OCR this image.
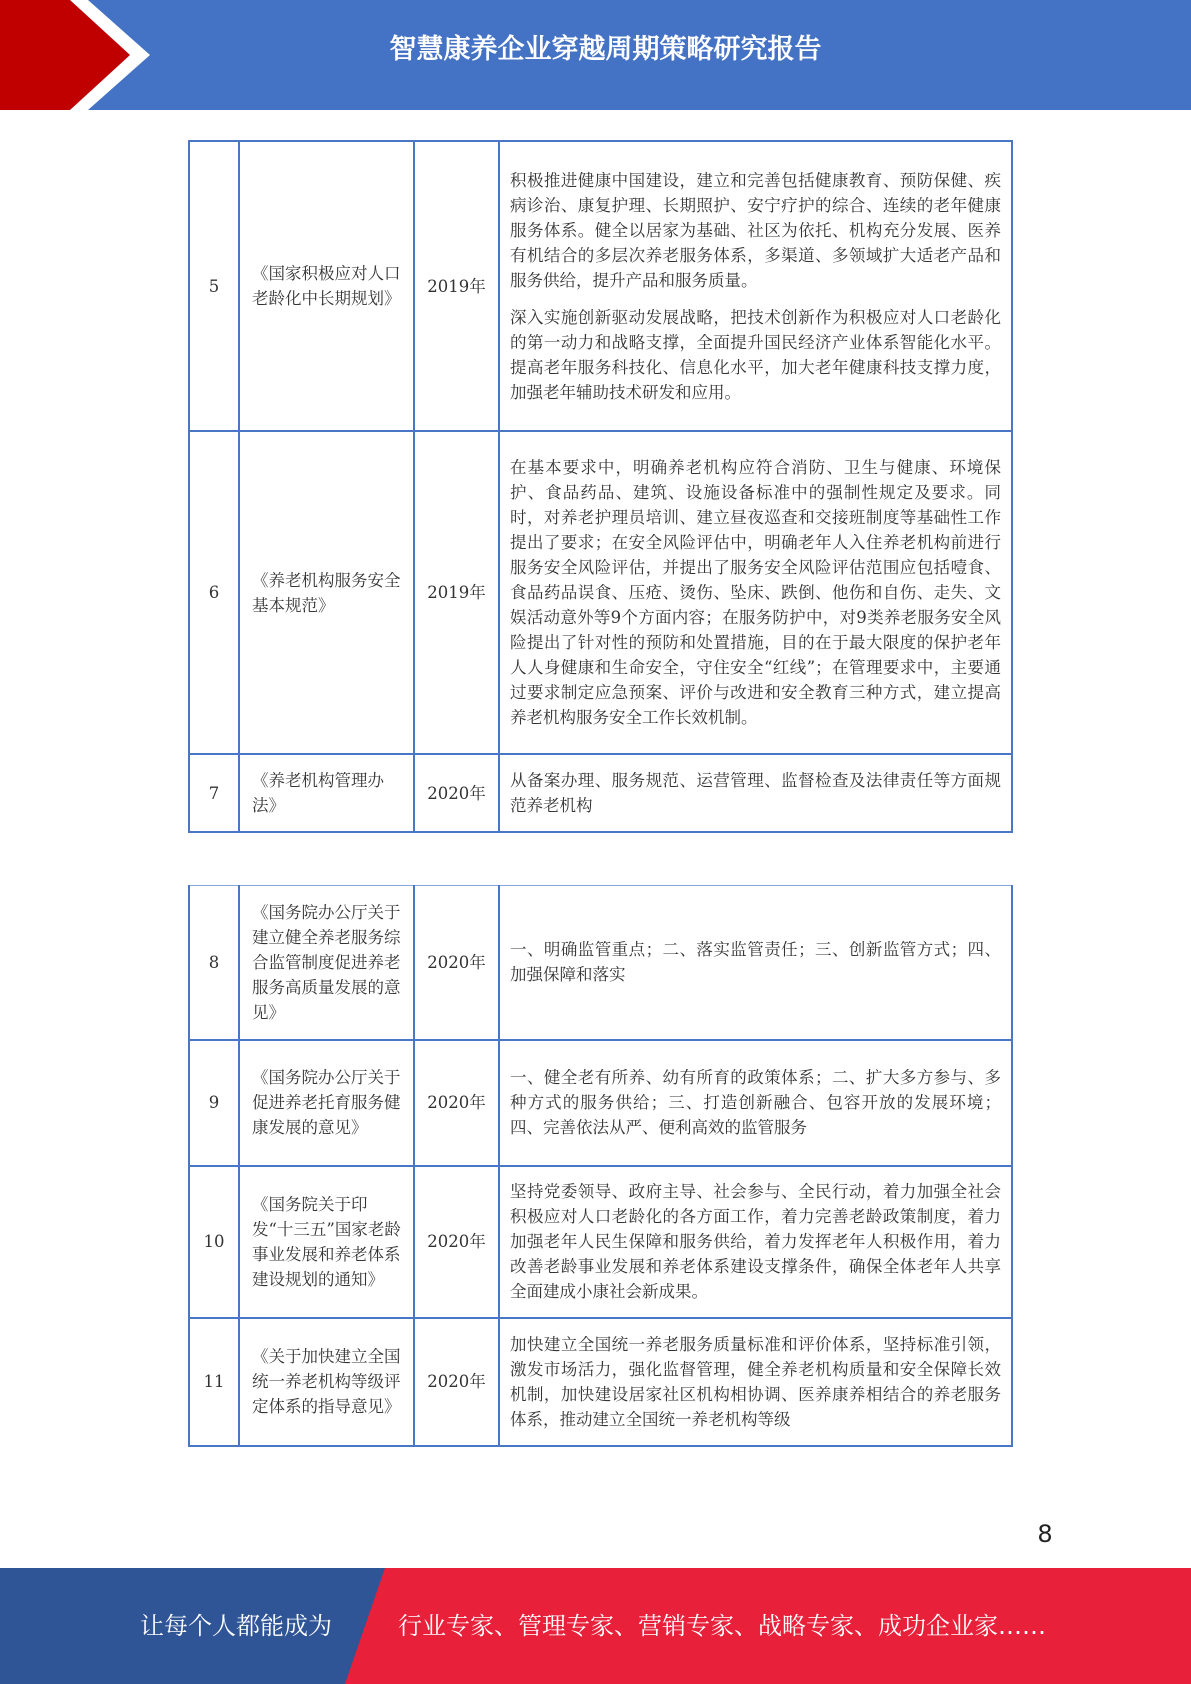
智慧康养企业穿越周期策略研究报告
5	《国家积极应对人口老龄化中长期规划》	2019年	积极推进健康中国建设，建立和完善包括健康教育、预防保健、疾病诊治、康复护理、长期照护、安宁疗护的综合、连续的老年健康服务体系。健全以居家为基础、社区为依托、机构充分发展、医养有机结合的多层次养老服务体系，多渠道、多领域扩大适老产品和服务供给，提升产品和服务质量。

深入实施创新驱动发展战略，把技术创新作为积极应对人口老龄化的第一动力和战略支撑，全面提升国民经济产业体系智能化水平。提高老年服务科技化、信息化水平，加大老年健康科技支撑力度，加强老年辅助技术研发和应用。

6	《养老机构服务安全基本规范》	2019年	在基本要求中，明确养老机构应符合消防、卫生与健康、环境保护、食品药品、建筑、设施设备标准中的强制性规定及要求。同时，对养老护理员培训、建立昼夜巡查和交接班制度等基础性工作提出了要求；在安全风险评估中，明确老年人入住养老机构前进行服务安全风险评估，并提出了服务安全风险评估范围应包括噎食、食品药品误食、压疮、烫伤、坠床、跌倒、他伤和自伤、走失、文娱活动意外等9个方面内容；在服务防护中，对9类养老服务安全风险提出了针对性的预防和处置措施，目的在于最大限度的保护老年人人身健康和生命安全，守住安全“红线”；在管理要求中，主要通过要求制定应急预案、评价与改进和安全教育三种方式，建立提高养老机构服务安全工作长效机制。

7	《养老机构管理办法》	2020年	从备案办理、服务规范、运营管理、监督检查及法律责任等方面规范养老机构

8	《国务院办公厅关于建立健全养老服务综合监管制度促进养老服务高质量发展的意见》	2020年	一、明确监管重点；二、落实监管责任；三、创新监管方式；四、加强保障和落实

9	《国务院办公厅关于促进养老托育服务健康发展的意见》	2020年	一、健全老有所养、幼有所育的政策体系；二、扩大多方参与、多种方式的服务供给；三、打造创新融合、包容开放的发展环境；四、完善依法从严、便利高效的监管服务

10	《国务院关于印发“十三五”国家老龄事业发展和养老体系建设规划的通知》	2020年	坚持党委领导、政府主导、社会参与、全民行动，着力加强全社会积极应对人口老龄化的各方面工作，着力完善老龄政策制度，着力加强老年人民生保障和服务供给，着力发挥老年人积极作用，着力改善老龄事业发展和养老体系建设支撑条件，确保全体老年人共享全面建成小康社会新成果。

11	《关于加快建立全国统一养老机构等级评定体系的指导意见》	2020年	加快建立全国统一养老服务质量标准和评价体系，坚持标准引领，激发市场活力，强化监督管理，健全养老机构质量和安全保障长效机制，加快建设居家社区机构相协调、医养康养相结合的养老服务体系，推动建立全国统一养老机构等级

8
让每个人都能成为	行业专家、管理专家、营销专家、战略专家、成功企业家……
